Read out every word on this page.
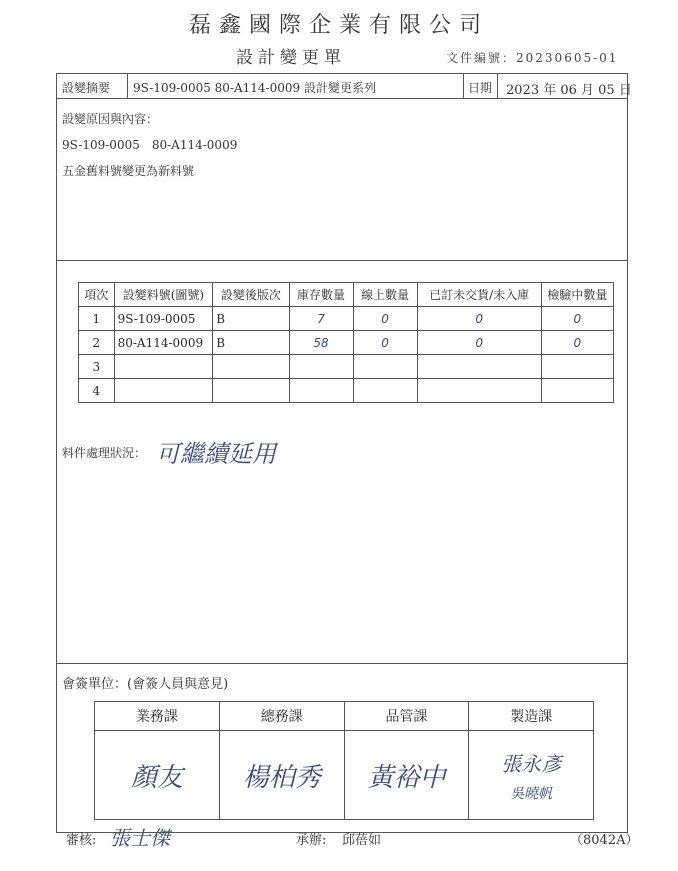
磊鑫國際企業有限公司
設計變更單	文件編號：20230605-01
設變摘要 9S-109-0005 80-A114-0009 設計變更系列	日期 2023 年 06 月 05 日
設變原因與內容：
9S-109-0005　80-A114-0009
五金舊料號變更為新料號
項次	設變料號(圖號)	設變後版次	庫存數量	線上數量	已訂未交貨/未入庫	檢驗中數量
1	9S-109-0005	B	7	0	0	0
2	80-A114-0009	B	58	0	0	0
3						
4						
料件處理狀況： 可繼續延用
會簽單位：(會簽人員與意見)
業務課	總務課	品管課	製造課
顏友	楊柏秀	黃裕中	張永彥
吳曉帆
審核: 張士傑	承辦: 邱蓓如	（8042A）
